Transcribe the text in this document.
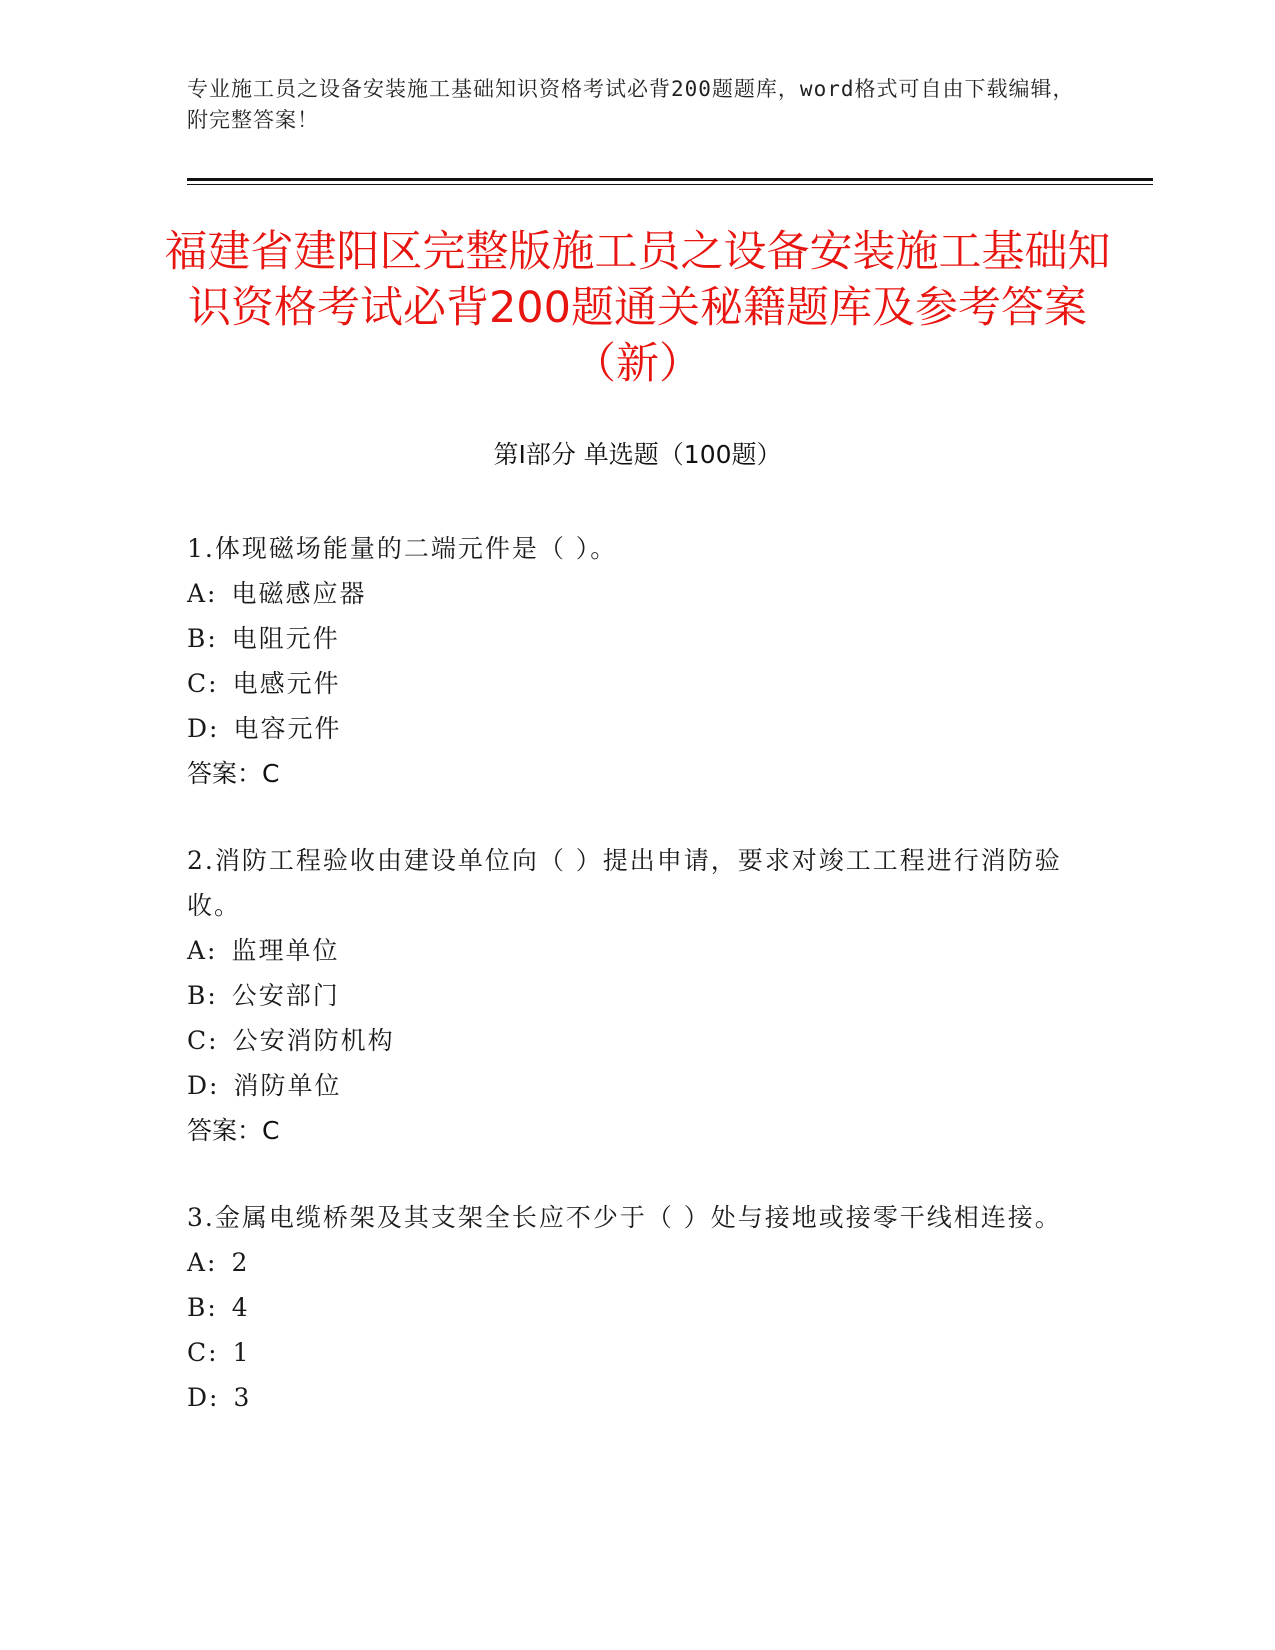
专业施工员之设备安装施工基础知识资格考试必背200题题库，word格式可自由下载编辑，附完整答案！
福建省建阳区完整版施工员之设备安装施工基础知识资格考试必背200题通关秘籍题库及参考答案（新）
第Ⅰ部分 单选题（100题）
1.体现磁场能量的二端元件是（ ）。
A: 电磁感应器
B: 电阻元件
C: 电感元件
D: 电容元件
答案：C
2.消防工程验收由建设单位向（ ）提出申请，要求对竣工工程进行消防验收。
A: 监理单位
B: 公安部门
C: 公安消防机构
D: 消防单位
答案：C
3.金属电缆桥架及其支架全长应不少于（ ）处与接地或接零干线相连接。
A: 2
B: 4
C: 1
D: 3
